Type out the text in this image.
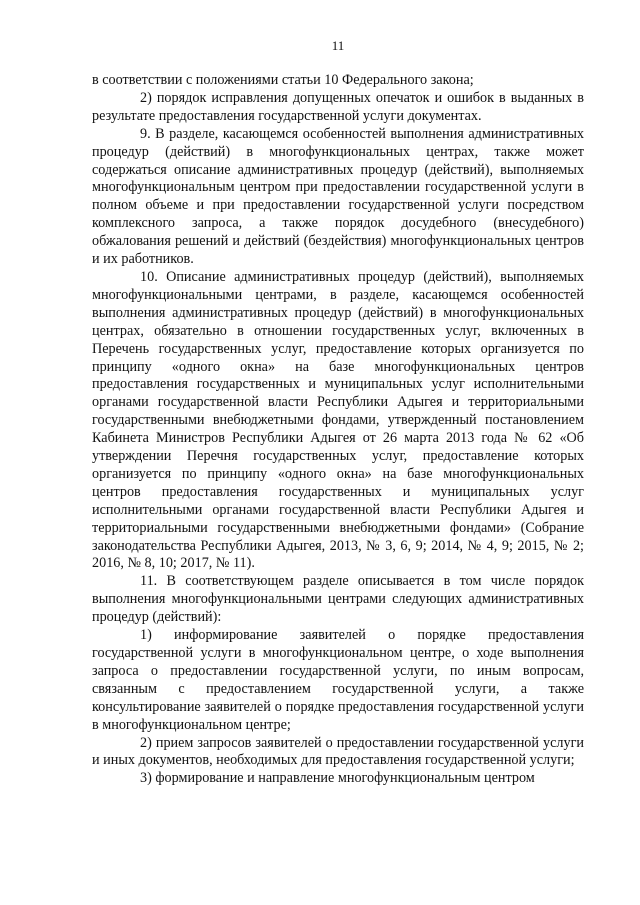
11

в соответствии с положениями статьи 10 Федерального закона;

2) порядок исправления допущенных опечаток и ошибок в выданных в результате предоставления государственной услуги документах.

9. В разделе, касающемся особенностей выполнения административных процедур (действий) в многофункциональных центрах, также может содержаться описание административных процедур (действий), выполняемых многофункциональным центром при предоставлении государственной услуги в полном объеме и при предоставлении государственной услуги посредством комплексного запроса, а также порядок досудебного (внесудебного) обжалования решений и действий (бездействия) многофункциональных центров и их работников.

10. Описание административных процедур (действий), выполняемых многофункциональными центрами, в разделе, касающемся особенностей выполнения административных процедур (действий) в многофункциональных центрах, обязательно в отношении государственных услуг, включенных в Перечень государственных услуг, предоставление которых организуется по принципу «одного окна» на базе многофункциональных центров предоставления государственных и муниципальных услуг исполнительными органами государственной власти Республики Адыгея и территориальными государственными внебюджетными фондами, утвержденный постановлением Кабинета Министров Республики Адыгея от 26 марта 2013 года № 62 «Об утверждении Перечня государственных услуг, предоставление которых организуется по принципу «одного окна» на базе многофункциональных центров предоставления государственных и муниципальных услуг исполнительными органами государственной власти Республики Адыгея и территориальными государственными внебюджетными фондами» (Собрание законодательства Республики Адыгея, 2013, № 3, 6, 9; 2014, № 4, 9; 2015, № 2; 2016, № 8, 10; 2017, № 11).

11. В соответствующем разделе описывается в том числе порядок выполнения многофункциональными центрами следующих административных процедур (действий):

1) информирование заявителей о порядке предоставления государственной услуги в многофункциональном центре, о ходе выполнения запроса о предоставлении государственной услуги, по иным вопросам, связанным с предоставлением государственной услуги, а также консультирование заявителей о порядке предоставления государственной услуги в многофункциональном центре;

2) прием запросов заявителей о предоставлении государственной услуги и иных документов, необходимых для предоставления государственной услуги;

3) формирование и направление многофункциональным центром
